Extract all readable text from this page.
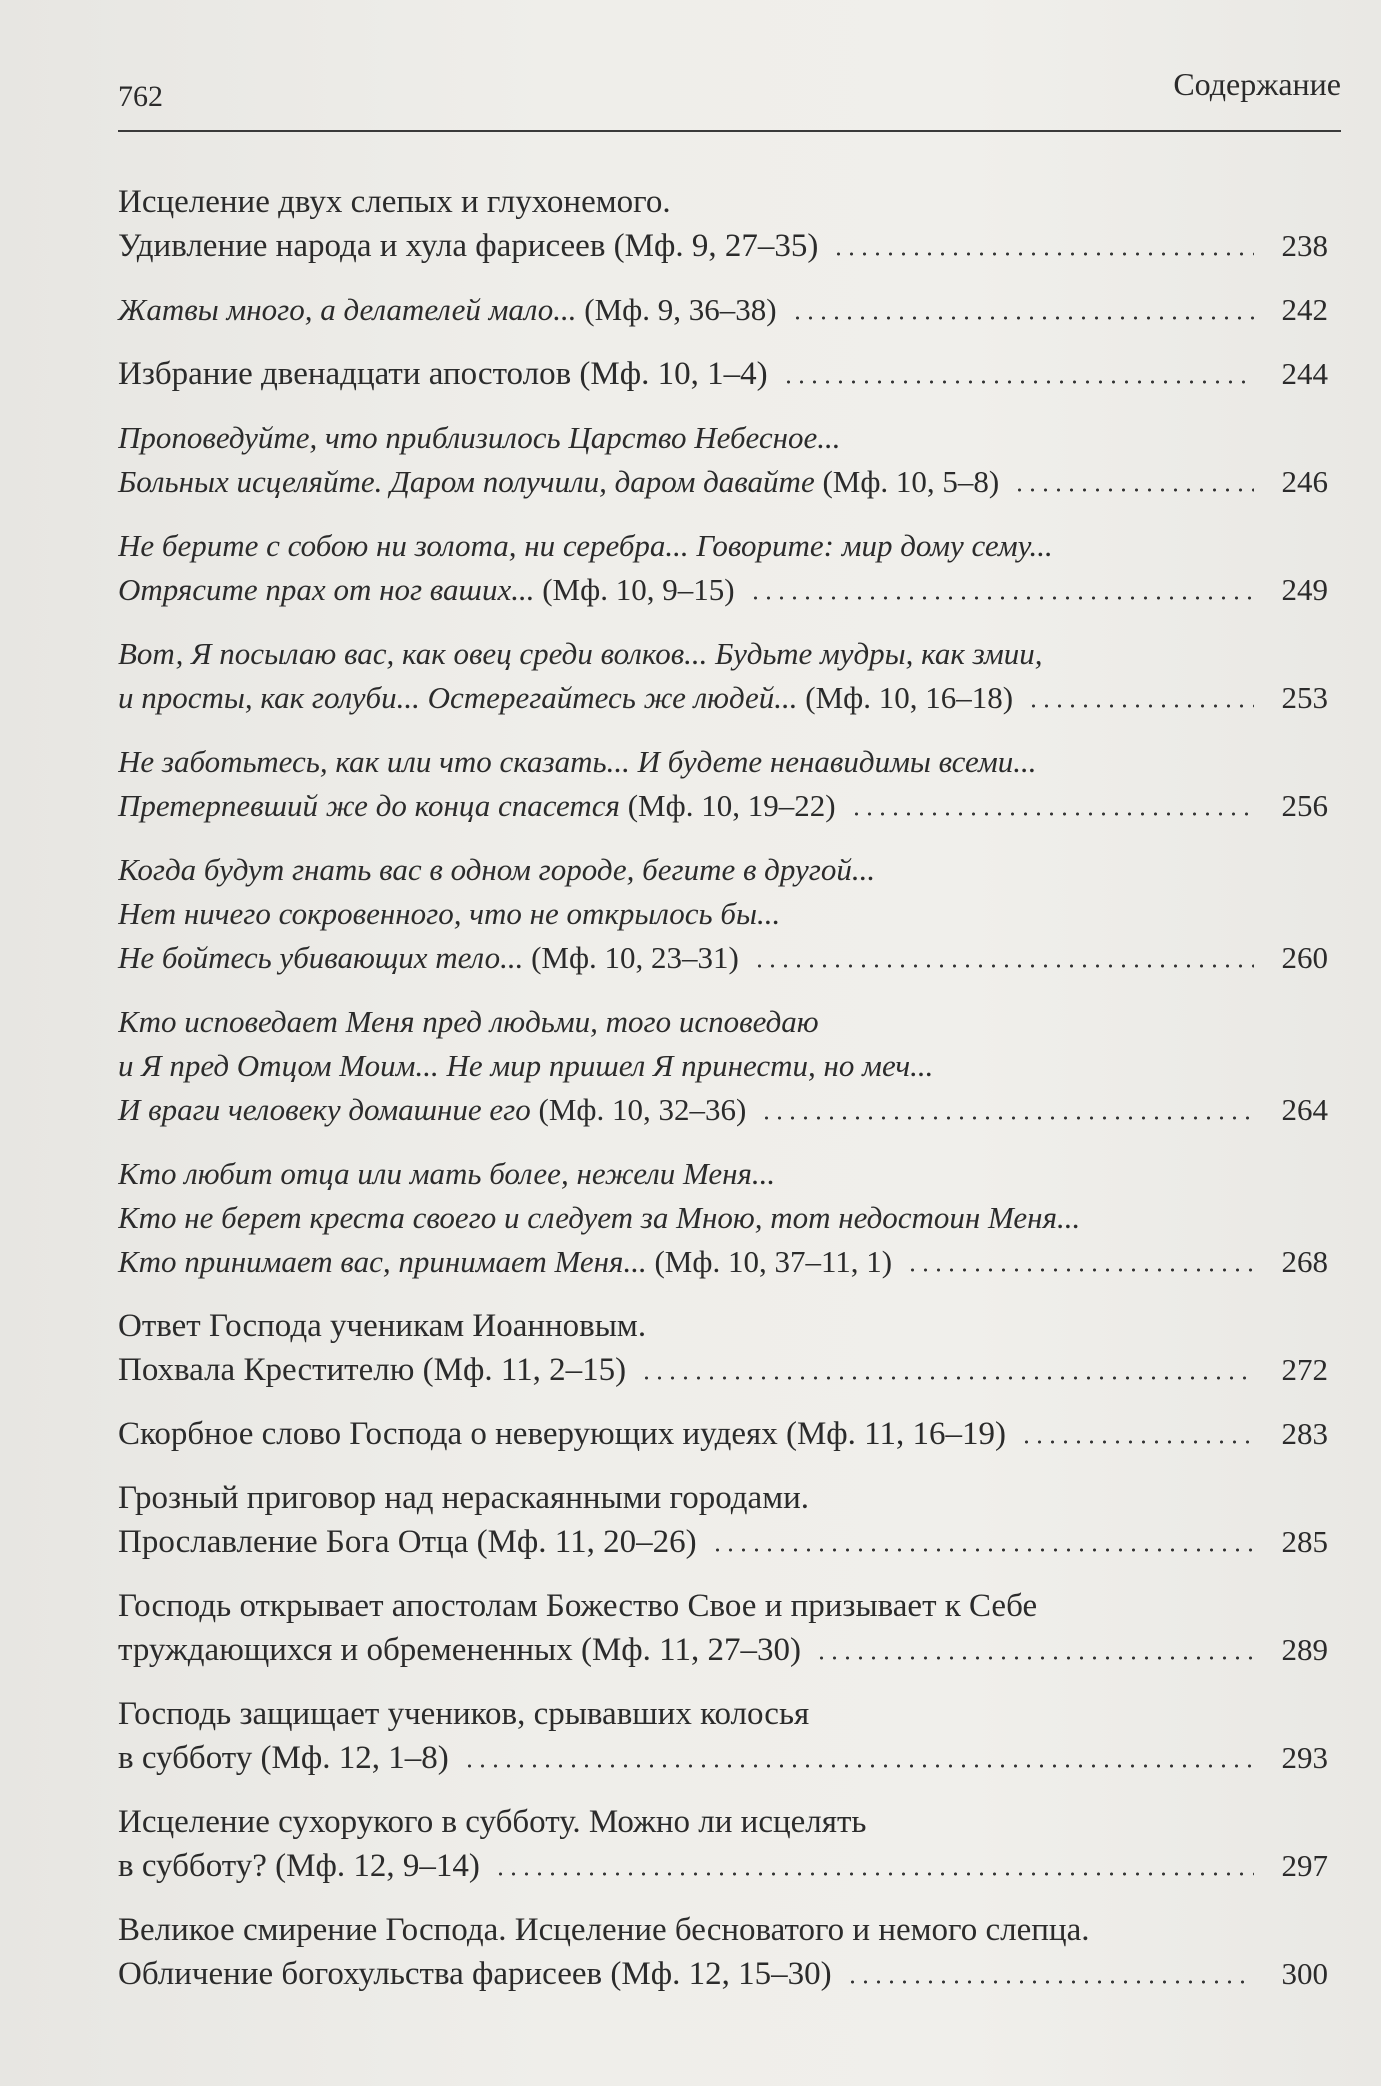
762	Содержание
Исцеление двух слепых и глухонемого.
Удивление народа и хула фарисеев (Мф. 9, 27–35)	238
Жатвы много, а делателей мало... (Мф. 9, 36–38)	242
Избрание двенадцати апостолов (Мф. 10, 1–4)	244
Проповедуйте, что приблизилось Царство Небесное...
Больных исцеляйте. Даром получили, даром давайте (Мф. 10, 5–8)	246
Не берите с собою ни золота, ни серебра... Говорите: мир дому сему...
Отрясите прах от ног ваших... (Мф. 10, 9–15)	249
Вот, Я посылаю вас, как овец среди волков... Будьте мудры, как змии,
и просты, как голуби... Остерегайтесь же людей... (Мф. 10, 16–18)	253
Не заботьтесь, как или что сказать... И будете ненавидимы всеми...
Претерпевший же до конца спасется (Мф. 10, 19–22)	256
Когда будут гнать вас в одном городе, бегите в другой...
Нет ничего сокровенного, что не открылось бы...
Не бойтесь убивающих тело... (Мф. 10, 23–31)	260
Кто исповедает Меня пред людьми, того исповедаю
и Я пред Отцом Моим... Не мир пришел Я принести, но меч...
И враги человеку домашние его (Мф. 10, 32–36)	264
Кто любит отца или мать более, нежели Меня...
Кто не берет креста своего и следует за Мною, тот недостоин Меня...
Кто принимает вас, принимает Меня... (Мф. 10, 37–11, 1)	268
Ответ Господа ученикам Иоанновым.
Похвала Крестителю (Мф. 11, 2–15)	272
Скорбное слово Господа о неверующих иудеях (Мф. 11, 16–19)	283
Грозный приговор над нераскаянными городами.
Прославление Бога Отца (Мф. 11, 20–26)	285
Господь открывает апостолам Божество Свое и призывает к Себе
труждающихся и обремененных (Мф. 11, 27–30)	289
Господь защищает учеников, срывавших колосья
в субботу (Мф. 12, 1–8)	293
Исцеление сухорукого в субботу. Можно ли исцелять
в субботу? (Мф. 12, 9–14)	297
Великое смирение Господа. Исцеление бесноватого и немого слепца.
Обличение богохульства фарисеев (Мф. 12, 15–30)	300
